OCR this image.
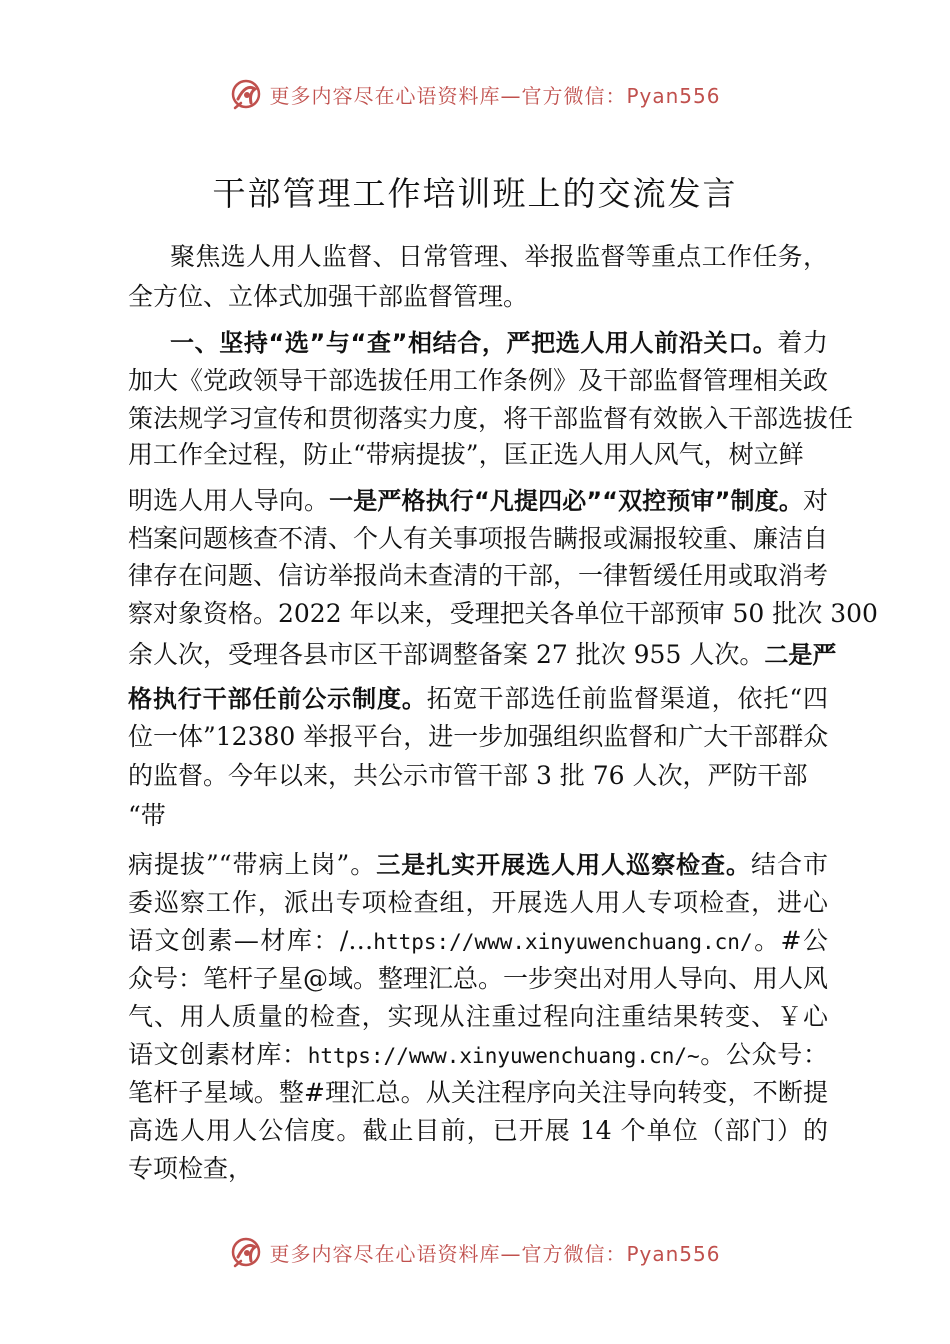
更多内容尽在心语资料库—官方微信：Pyan556
干部管理工作培训班上的交流发言
聚焦选人用人监督、日常管理、举报监督等重点工作任务，
全方位、立体式加强干部监督管理。
一、坚持“选”与“查”相结合，严把选人用人前沿关口。着力
加大《党政领导干部选拔任用工作条例》及干部监督管理相关政
策法规学习宣传和贯彻落实力度，将干部监督有效嵌入干部选拔任
用工作全过程，防止“带病提拔”，匡正选人用人风气，树立鲜
明选人用人导向。一是严格执行“凡提四必”“双控预审”制度。对
档案问题核查不清、个人有关事项报告瞒报或漏报较重、廉洁自
律存在问题、信访举报尚未查清的干部，一律暂缓任用或取消考
察对象资格。2022 年以来，受理把关各单位干部预审 50 批次 300
余人次，受理各县市区干部调整备案 27 批次 955 人次。二是严
格执行干部任前公示制度。拓宽干部选任前监督渠道，依托“四
位一体”12380 举报平台，进一步加强组织监督和广大干部群众
的监督。今年以来，共公示市管干部 3 批 76 人次，严防干部
“带
病提拔”“带病上岗”。三是扎实开展选人用人巡察检查。结合市
委巡察工作，派出专项检查组，开展选人用人专项检查，进心
语文创素—材库：/…https://www.xinyuwenchuang.cn/。#公
众号：笔杆子星@域。整理汇总。一步突出对用人导向、用人风
气、用人质量的检查，实现从注重过程向注重结果转变、￥心
语文创素材库：https://www.xinyuwenchuang.cn/~。公众号：
笔杆子星域。整#理汇总。从关注程序向关注导向转变，不断提
高选人用人公信度。截止目前，已开展 14 个单位（部门）的
专项检查，
更多内容尽在心语资料库—官方微信：Pyan556
